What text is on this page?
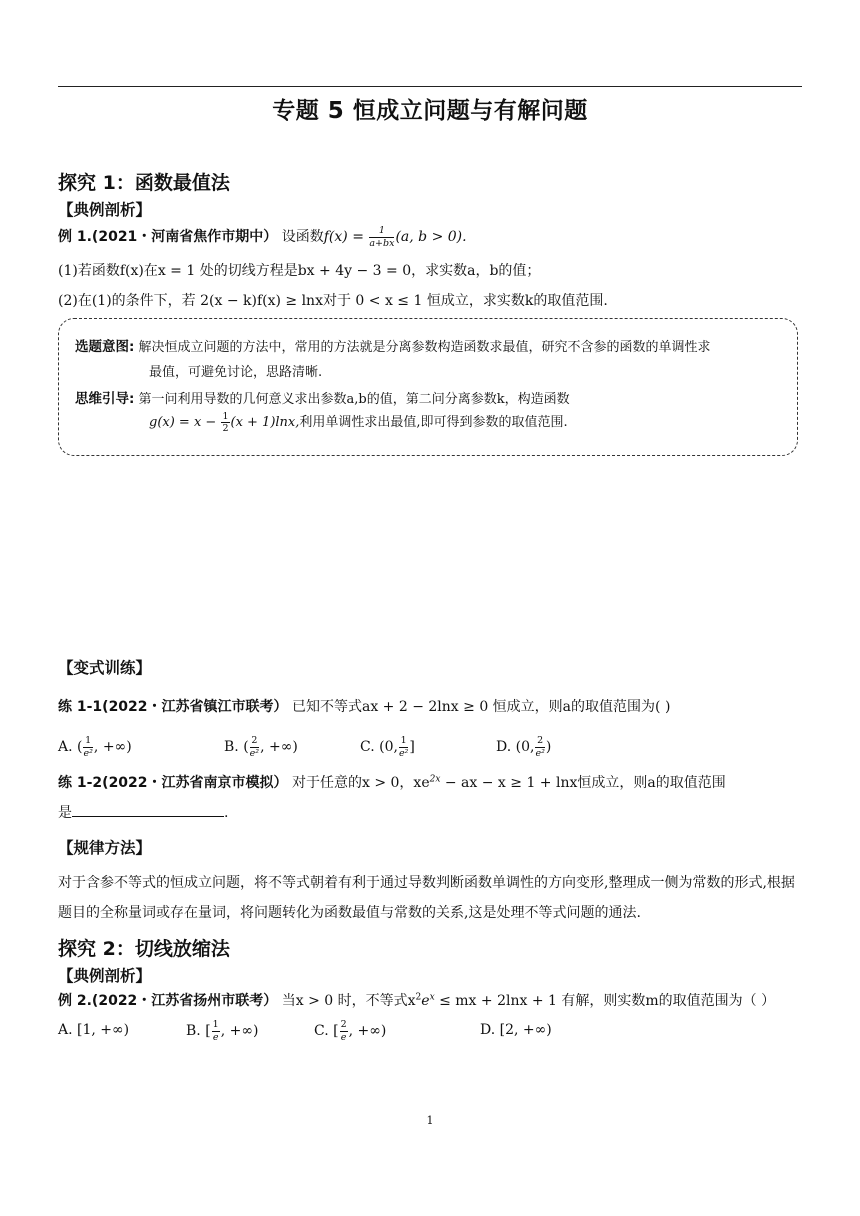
专题 5 恒成立问题与有解问题
探究 1：函数最值法
【典例剖析】
例 1.(2021・河南省焦作市期中） 设函数$f(x) = \frac{1}{a+bx} (a$, b > 0).
(1)若函数f(x)在x = 1 处的切线方程是bx + 4y − 3 = 0，求实数a，b的值；
(2)在(1)的条件下，若 2(x − k)f(x) ≥ lnx对于 0 < x ≤ 1 恒成立，求实数k的取值范围.
选题意图: 解决恒成立问题的方法中，常用的方法就是分离参数构造函数求最值，研究不含参的函数的单调性求
最值，可避免讨论，思路清晰.
思维引导: 第一问利用导数的几何意义求出参数a,b的值，第二问分离参数k，构造函数
$g(x) = x - \frac{1}{2} (x + 1)\ln x$,利用单调性求出最值,即可得到参数的取值范围.
【变式训练】
练 1-1(2022・江苏省镇江市联考） 已知不等式ax + 2 − 2lnx ≥ 0 恒成立，则a的取值范围为( )
A. ( $\frac{1}{\text{e²}}$ , +∞)	B. ( $\frac{2}{\text{e²}}$ , +∞)	C. (0, $\frac{1}{\text{e²}}$ ]	D. (0, $\frac{2}{\text{e²}}$ )
练 1-2(2022・江苏省南京市模拟） 对于任意的x > 0，$xe^{2x}$ − ax − x ≥ 1 + lnx恒成立，则a的取值范围
是	.
【规律方法】
对于含参不等式的恒成立问题，将不等式朝着有利于通过导数判断函数单调性的方向变形,整理成一侧为常数的形式,根据题目的全称量词或存在量词，将问题转化为函数最值与常数的关系,这是处理不等式问题的通法.
探究 2：切线放缩法
【典例剖析】
例 2.(2022・江苏省扬州市联考） 当x > 0 时，不等式$x^2e^x$ ≤ mx + 2lnx + 1 有解，则实数m的取值范围为（ ）
A. [1, +∞)	B. [ $\frac{1}{e}$ , +∞)	C. [ $\frac{2}{e}$ , +∞)	D. [2, +∞)
1
